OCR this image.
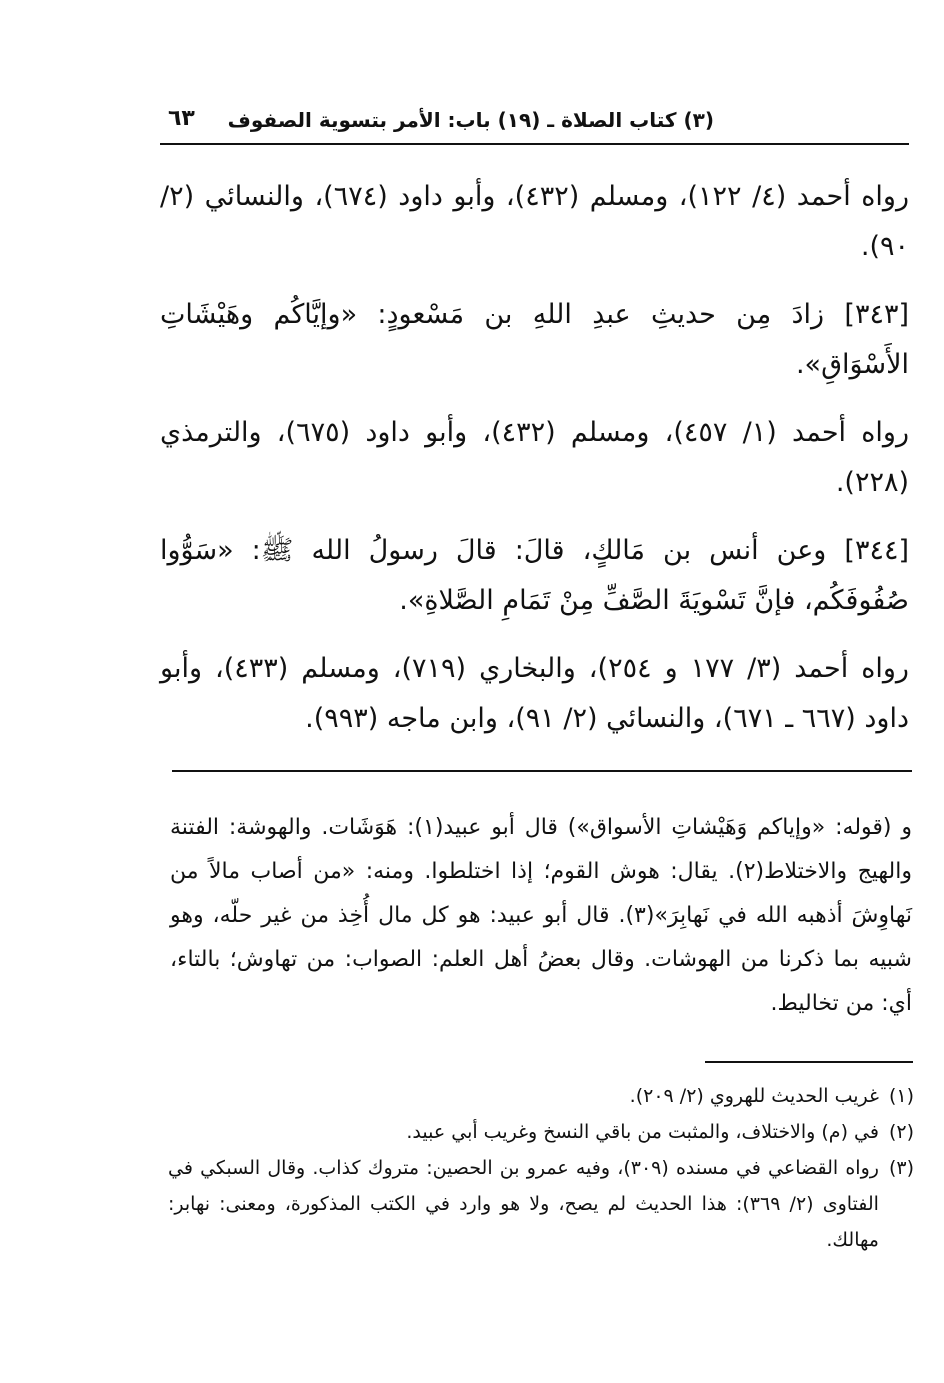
(٣) كتاب الصلاة ـ (١٩) باب: الأمر بتسوية الصفوف
٦٣

رواه أحمد (٤/ ١٢٢)، ومسلم (٤٣٢)، وأبو داود (٦٧٤)، والنسائي (٢/ ٩٠).

[٣٤٣] زادَ مِن حديثِ عبدِ اللهِ بن مَسْعودٍ: «وإيَّاكُم وهَيْشَاتِ الأَسْوَاقِ».

رواه أحمد (١/ ٤٥٧)، ومسلم (٤٣٢)، وأبو داود (٦٧٥)، والترمذي (٢٢٨).

[٣٤٤] وعن أنس بن مَالكٍ، قالَ: قالَ رسولُ الله ﷺ: «سَوُّوا صُفُوفَكُم، فإنَّ تَسْويَةَ الصَّفِّ مِنْ تَمَامِ الصَّلاةِ».

رواه أحمد (٣/ ١٧٧ و ٢٥٤)، والبخاري (٧١٩)، ومسلم (٤٣٣)، وأبو داود (٦٦٧ ـ ٦٧١)، والنسائي (٢/ ٩١)، وابن ماجه (٩٩٣).

و (قوله: «وإياكم وَهَيْشاتِ الأسواق») قال أبو عبيد(١): هَوَشَات. والهوشة: الفتنة والهيج والاختلاط(٢). يقال: هوش القوم؛ إذا اختلطوا. ومنه: «من أصاب مالاً من نَهاوِشَ أذهبه الله في نَهابِرَ»(٣). قال أبو عبيد: هو كل مال أُخِذ من غير حلّه، وهو شبيه بما ذكرنا من الهوشات. وقال بعضُ أهل العلم: الصواب: من تهاوش؛ بالتاء، أي: من تخاليط.

(١)
غريب الحديث للهروي (٢/ ٢٠٩).

(٢)
في (م) والاختلاف، والمثبت من باقي النسخ وغريب أبي عبيد.

(٣)
رواه القضاعي في مسنده (٣٠٩)، وفيه عمرو بن الحصين: متروك كذاب. وقال السبكي في الفتاوى (٢/ ٣٦٩): هذا الحديث لم يصح، ولا هو وارد في الكتب المذكورة، ومعنى: نهابر: مهالك.
